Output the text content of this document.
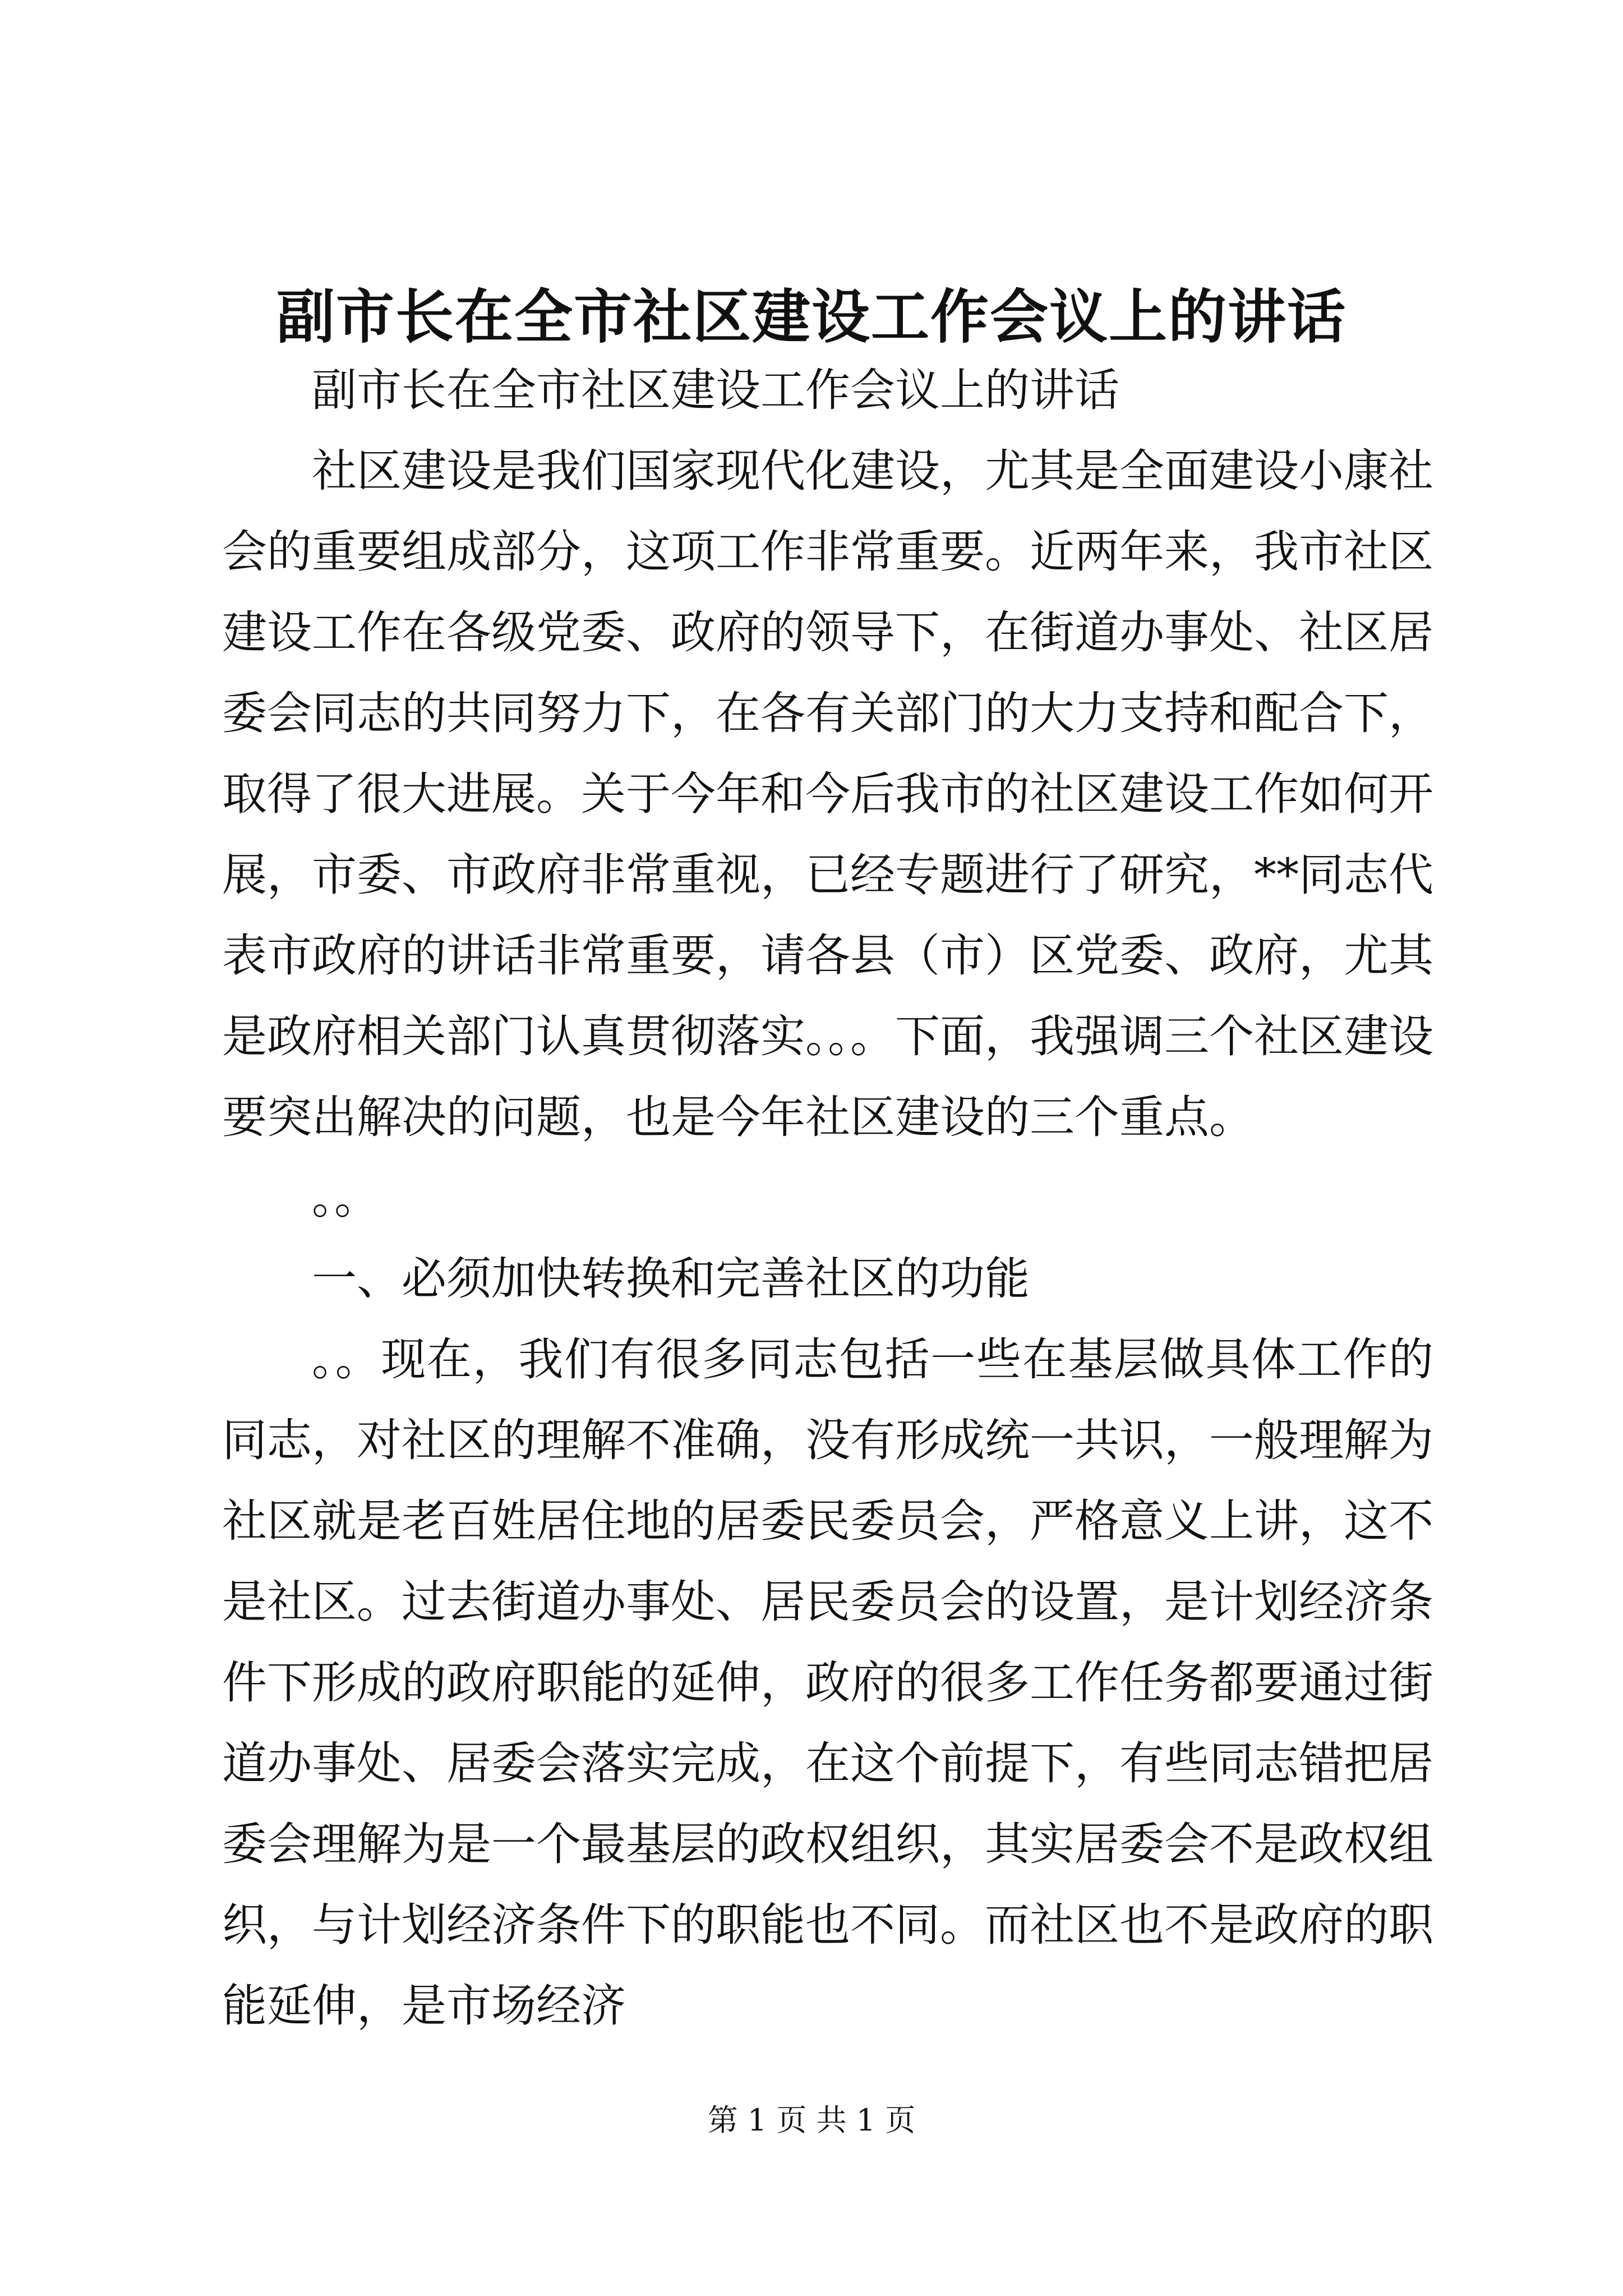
副市长在全市社区建设工作会议上的讲话

副市长在全市社区建设工作会议上的讲话

社区建设是我们国家现代化建设，尤其是全面建设小康社会的重要组成部分，这项工作非常重要。近两年来，我市社区建设工作在各级党委、政府的领导下，在街道办事处、社区居委会同志的共同努力下，在各有关部门的大力支持和配合下，取得了很大进展。关于今年和今后我市的社区建设工作如何开展，市委、市政府非常重视，已经专题进行了研究，**同志代表市政府的讲话非常重要，请各县（市）区党委、政府，尤其是政府相关部门认真贯彻落实。。。下面，我强调三个社区建设要突出解决的问题，也是今年社区建设的三个重点。

。。

一、必须加快转换和完善社区的功能

。。现在，我们有很多同志包括一些在基层做具体工作的同志，对社区的理解不准确，没有形成统一共识，一般理解为社区就是老百姓居住地的居委民委员会，严格意义上讲，这不是社区。过去街道办事处、居民委员会的设置，是计划经济条件下形成的政府职能的延伸，政府的很多工作任务都要通过街道办事处、居委会落实完成，在这个前提下，有些同志错把居委会理解为是一个最基层的政权组织，其实居委会不是政权组织，与计划经济条件下的职能也不同。而社区也不是政府的职能延伸，是市场经济

第 1 页 共 1 页
